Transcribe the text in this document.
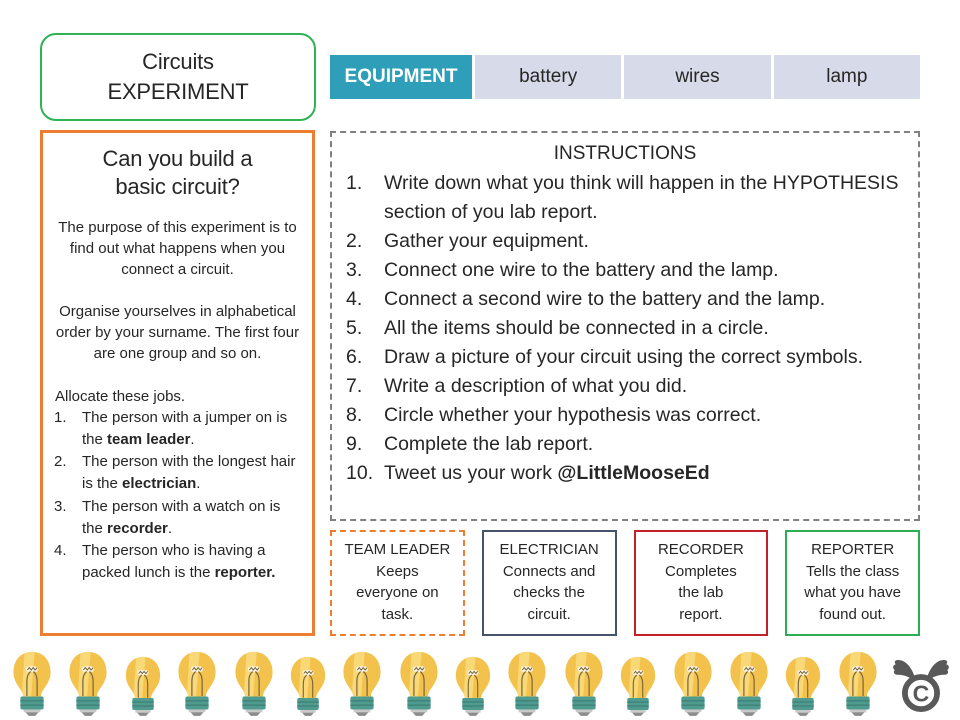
Circuits
EXPERIMENT
EQUIPMENT	battery	wires	lamp
Can you build a basic circuit?

The purpose of this experiment is to find out what happens when you connect a circuit.

Organise yourselves in alphabetical order by your surname. The first four are one group and so on.

Allocate these jobs.

1.	The person with a jumper on is the team leader.
2.	The person with the longest hair is the electrician.
3.	The person with a watch on is the recorder.
4.	The person who is having a packed lunch is the reporter.
INSTRUCTIONS
1.	Write down what you think will happen in the HYPOTHESIS section of you lab report.
2.	Gather your equipment.
3.	Connect one wire to the battery and the lamp.
4.	Connect a second wire to the battery and the lamp.
5.	All the items should be connected in a circle.
6.	Draw a picture of your circuit using the correct symbols.
7.	Write a description of what you did.
8.	Circle whether your hypothesis was correct.
9.	Complete the lab report.
10. Tweet us your work @LittleMooseEd
TEAM LEADER
Keeps
everyone on
task.
ELECTRICIAN
Connects and
checks the
circuit.
RECORDER
Completes
the lab
report.
REPORTER
Tells the class
what you have
found out.
C
